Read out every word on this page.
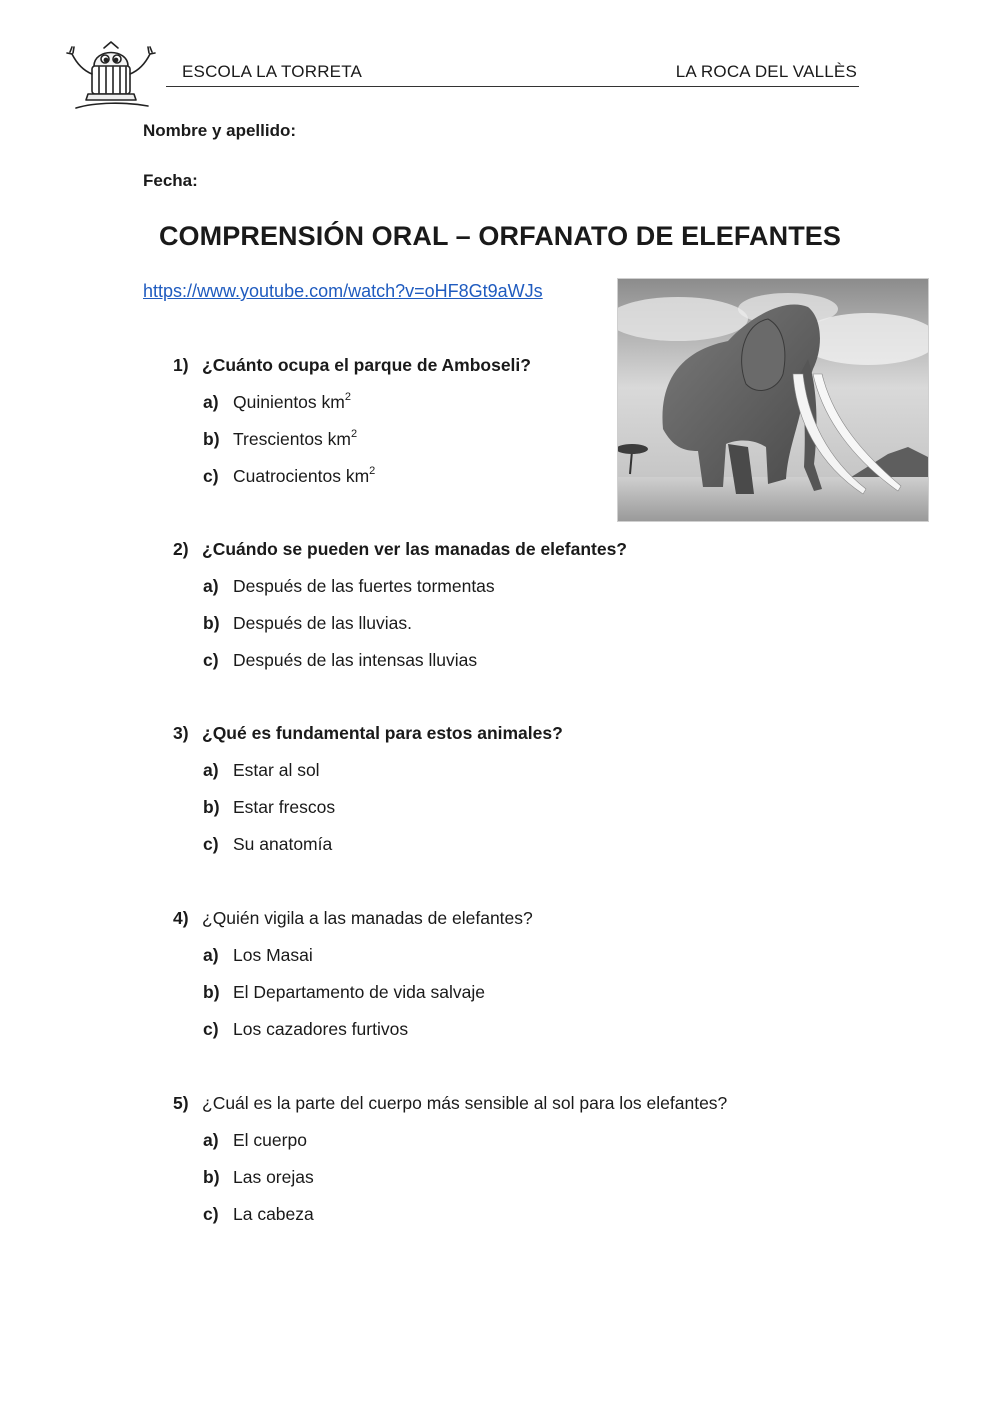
ESCOLA LA TORRETA	LA ROCA DEL VALLÈS
Nombre y apellido:
Fecha:
COMPRENSIÓN ORAL – ORFANATO DE ELEFANTES
https://www.youtube.com/watch?v=oHF8Gt9aWJs
1) ¿Cuánto ocupa el parque de Amboseli?
a) Quinientos $km^2$
b) Trescientos $km^2$
c) Cuatrocientos $km^2$
2) ¿Cuándo se pueden ver las manadas de elefantes?
a) Después de las fuertes tormentas
b) Después de las lluvias.
c) Después de las intensas lluvias
3) ¿Qué es fundamental para estos animales?
a) Estar al sol
b) Estar frescos
c) Su anatomía
4) ¿Quién vigila a las manadas de elefantes?
a) Los Masai
b) El Departamento de vida salvaje
c) Los cazadores furtivos
5) ¿Cuál es la parte del cuerpo más sensible al sol para los elefantes?
a) El cuerpo
b) Las orejas
c) La cabeza
